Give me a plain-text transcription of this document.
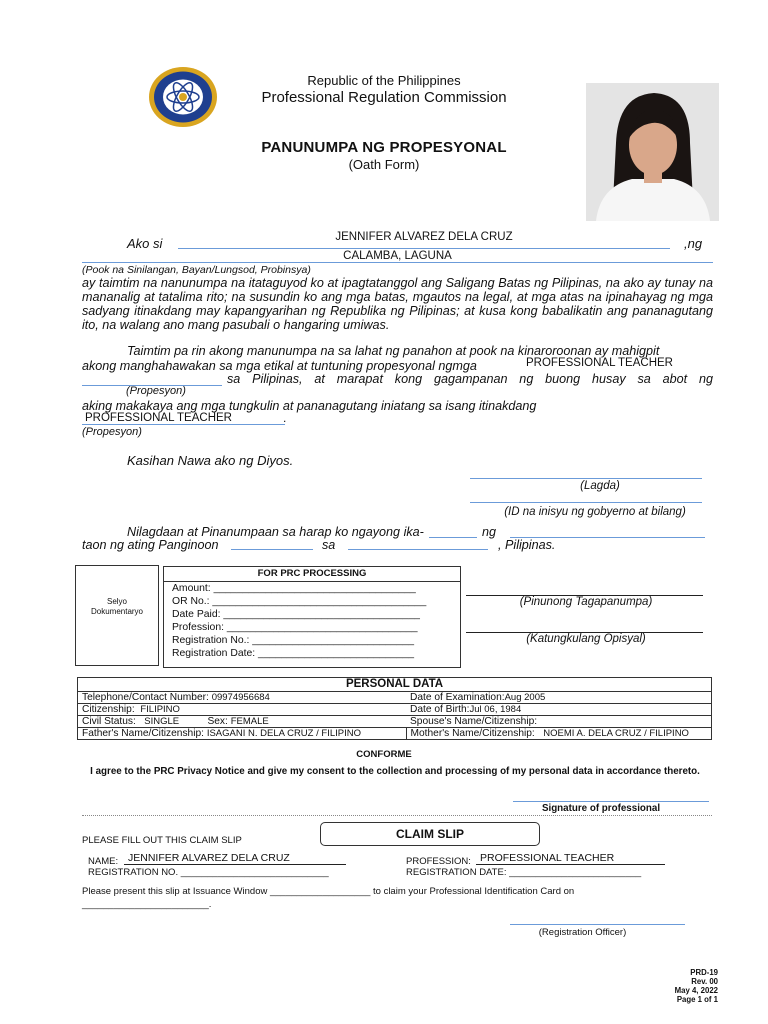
Republic of the Philippines
Professional Regulation Commission
PANUNUMPA NG PROPESYONAL
(Oath Form)
Ako si	JENNIFER ALVAREZ DELA CRUZ	,ng
CALAMBA, LAGUNA
(Pook na Sinilangan, Bayan/Lungsod, Probinsya)

ay taimtim na nanunumpa na itataguyod ko at ipagtatanggol ang Saligang Batas ng Pilipinas, na ako ay tunay na mananalig at tatalima rito; na susundin ko ang mga batas, mgautos na legal, at mga atas na ipinahayag ng mga sadyang itinakdang may kapangyarihan ng Republika ng Pilipinas; at kusa kong babalikatin ang pananagutang ito, na walang ano mang pasubali o hangaring umiwas.

Taimtim pa rin akong manunumpa na sa lahat ng panahon at pook na kinaroroonan ay mahigpit
akong manghahawakan sa mga etikal at tuntuning propesyonal ngmga	PROFESSIONAL TEACHER
sa Pilipinas, at marapat kong gagampanan ng buong husay sa abot ng
(Propesyon)
aking makakaya ang mga tungkulin at pananagutang iniatang sa isang itinakdang
PROFESSIONAL TEACHER	.
(Propesyon)
Kasihan Nawa ako ng Diyos.
(Lagda)
(ID na inisyu ng gobyerno at bilang)
Nilagdaan at Pinanumpaan sa harap ko ngayong ika-	ng
taon ng ating Panginoon	sa	, Pilipinas.
Selyo Dokumentaryo
FOR PRC PROCESSING
Amount: ___________________________________
OR No.: _____________________________________
Date Paid: __________________________________
Profession: _________________________________
Registration No.: ____________________________
Registration Date: ___________________________
(Pinunong Tagapanumpa)
(Katungkulang Opisyal)
PERSONAL DATA	
Telephone/Contact Number: 09974956684	Date of Examination:Aug 2005
Citizenship: FILIPINO	Date of Birth:Jul 06, 1984
Civil Status: SINGLE Sex: FEMALE	Spouse's Name/Citizenship:
Father's Name/Citizenship: ISAGANI N. DELA CRUZ / FILIPINO	Mother's Name/Citizenship: NOEMI A. DELA CRUZ / FILIPINO
CONFORME
I agree to the PRC Privacy Notice and give my consent to the collection and processing of my personal data in accordance thereto.
Signature of professional
PLEASE FILL OUT THIS CLAIM SLIP	CLAIM SLIP
NAME: JENNIFER ALVAREZ DELA CRUZ	PROFESSION: PROFESSIONAL TEACHER
REGISTRATION NO. ____________________________	REGISTRATION DATE: _________________________
Please present this slip at Issuance Window ___________________ to claim your Professional Identification Card on
________________________.
(Registration Officer)
PRD-19
Rev. 00
May 4, 2022
Page 1 of 1
